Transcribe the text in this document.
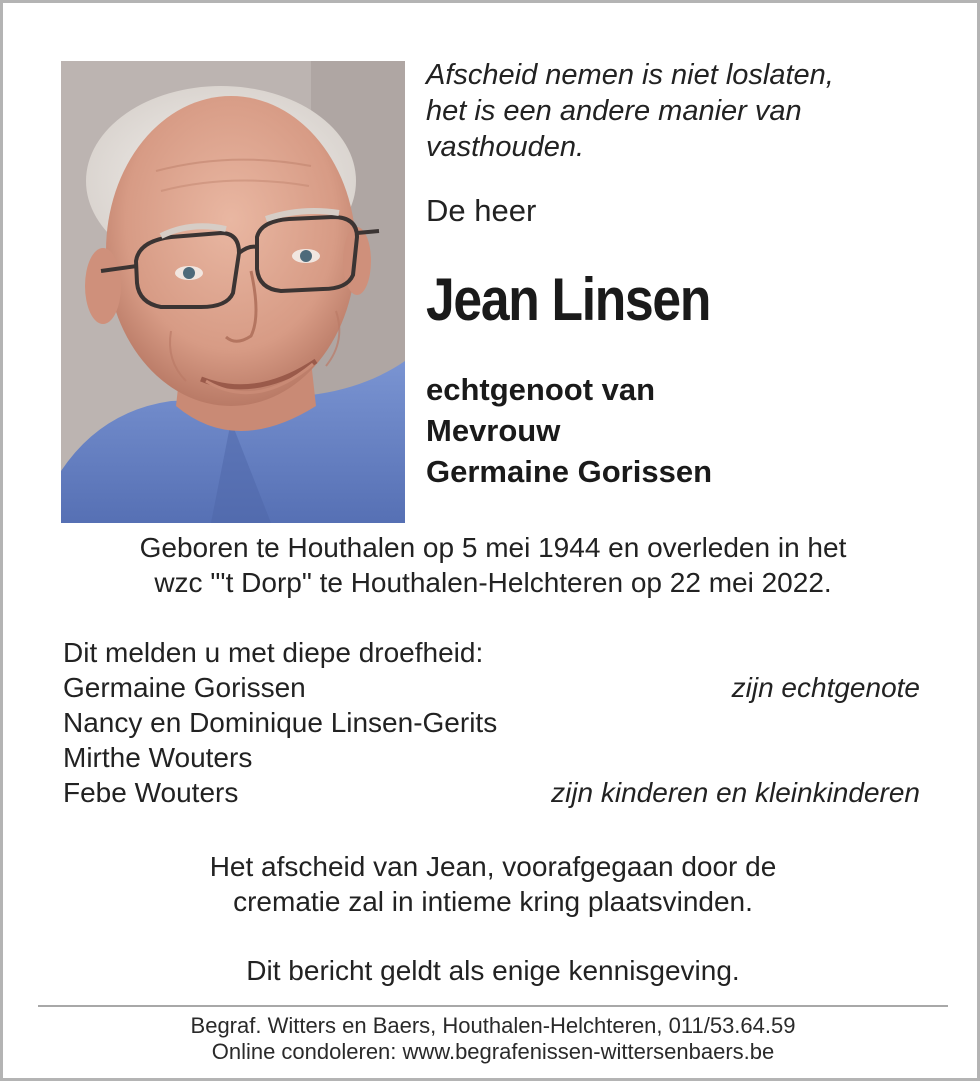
Afscheid nemen is niet loslaten,
het is een andere manier van
vasthouden.
De heer
Jean Linsen
echtgenoot van
Mevrouw
Germaine Gorissen
Geboren te Houthalen op 5 mei 1944 en overleden in het
wzc "'t Dorp" te Houthalen-Helchteren op 22 mei 2022.
Dit melden u met diepe droefheid:
Germaine Gorissen	zijn echtgenote
Nancy en Dominique Linsen-Gerits
Mirthe Wouters
Febe Wouters	zijn kinderen en kleinkinderen
Het afscheid van Jean, voorafgegaan door de
crematie zal in intieme kring plaatsvinden.
Dit bericht geldt als enige kennisgeving.
Begraf. Witters en Baers, Houthalen-Helchteren, 011/53.64.59
Online condoleren: www.begrafenissen-wittersenbaers.be
